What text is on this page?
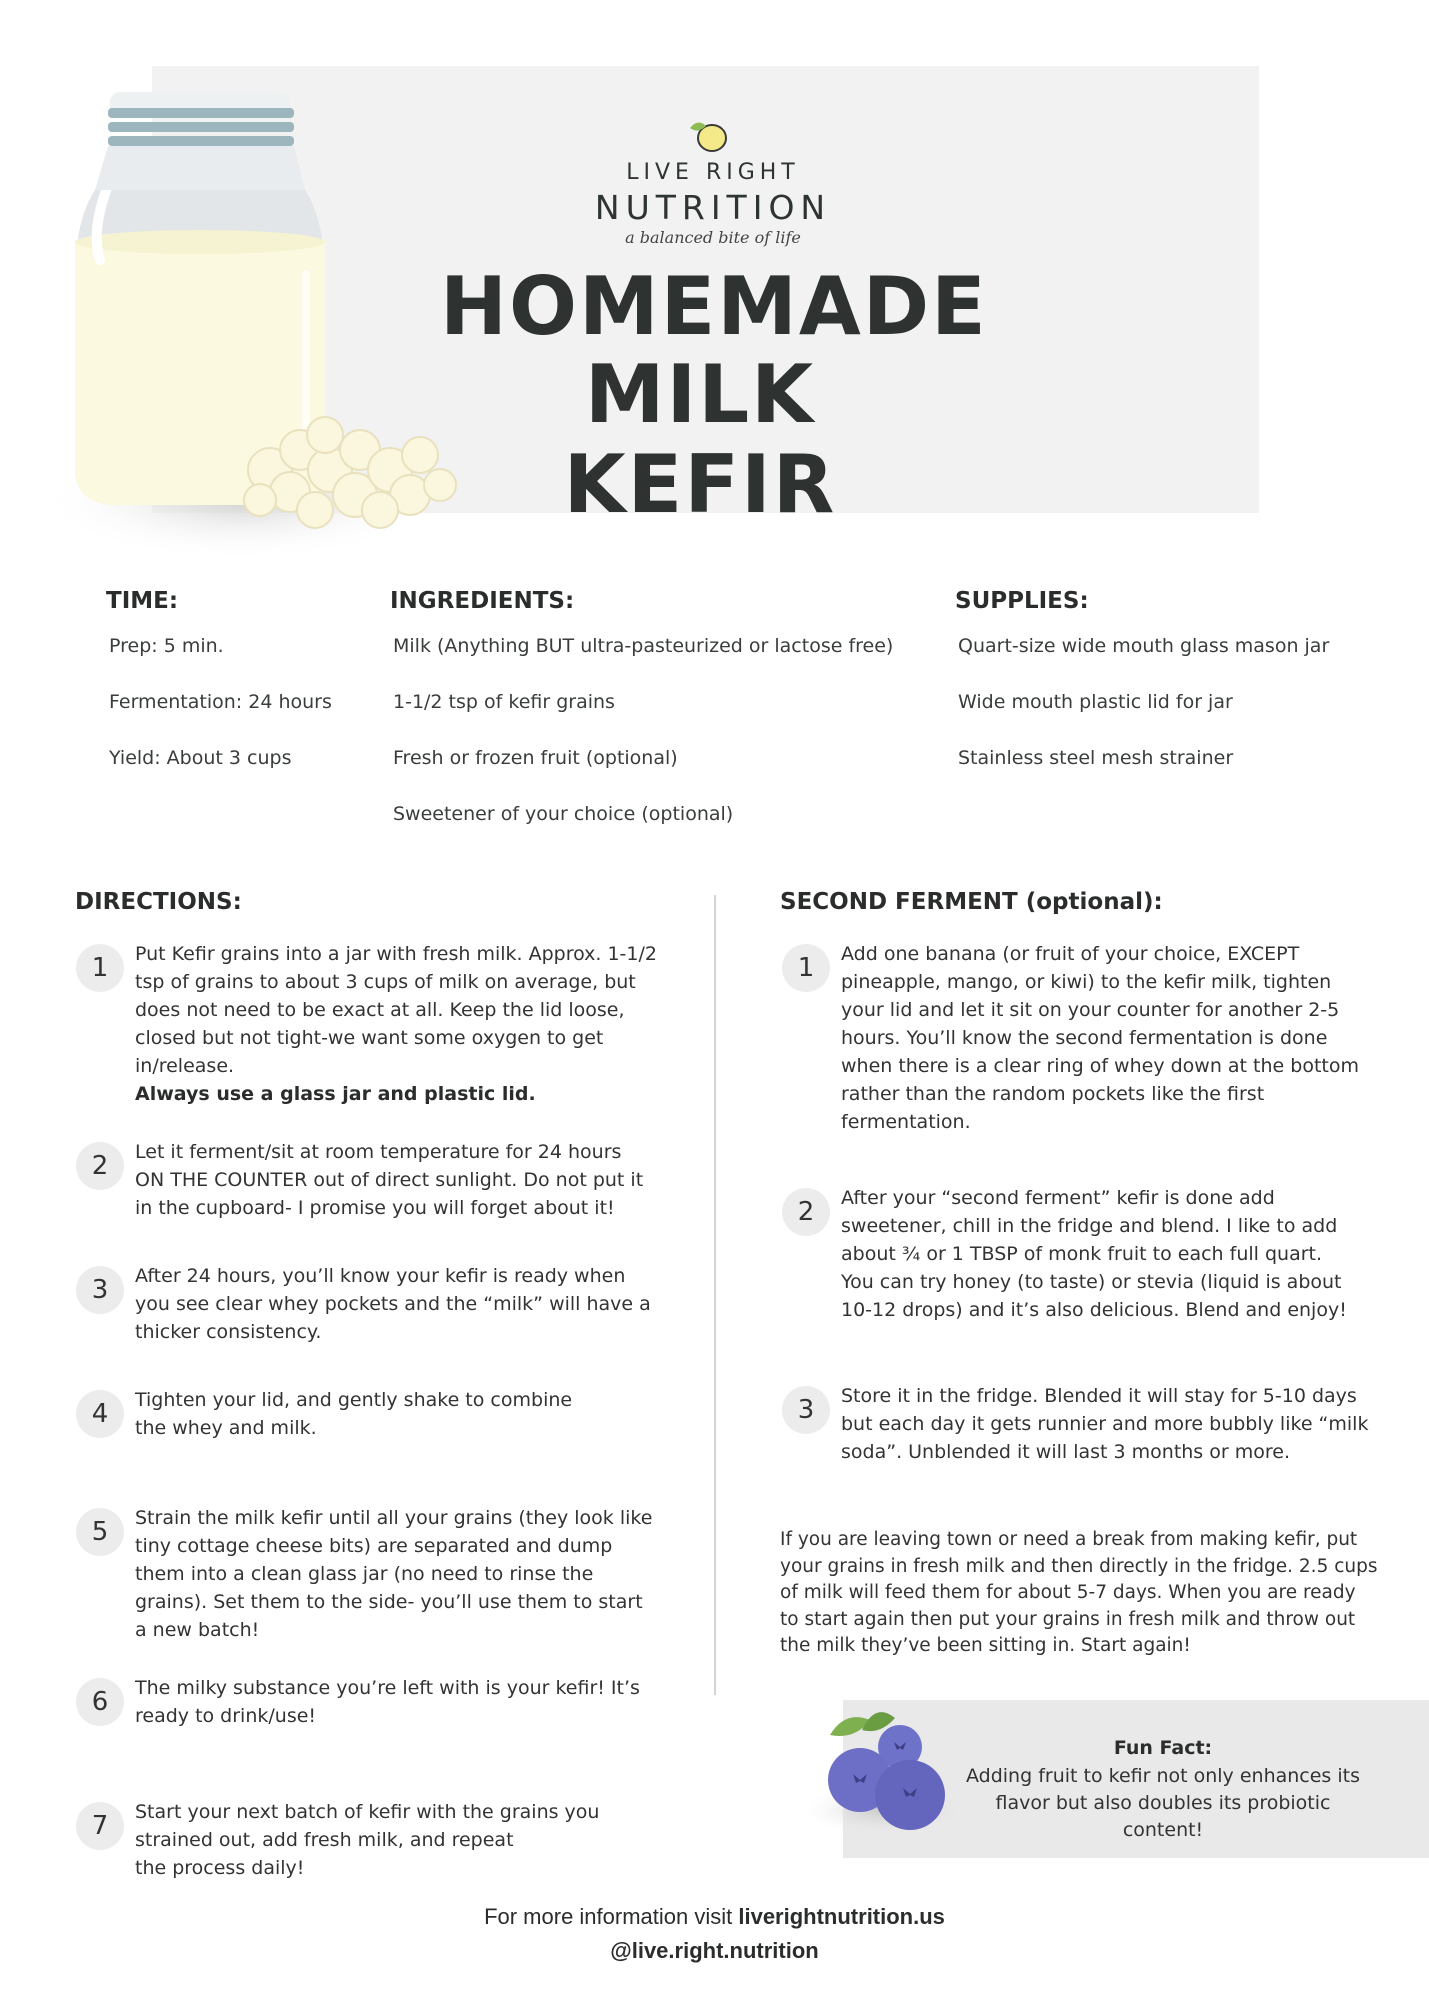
LIVE RIGHT
NUTRITION
a balanced bite of life
HOMEMADE
MILK KEFIR
TIME:
Prep: 5 min.
Fermentation: 24 hours
Yield: About 3 cups
INGREDIENTS:
Milk (Anything BUT ultra-pasteurized or lactose free)
1-1/2 tsp of kefir grains
Fresh or frozen fruit (optional)
Sweetener of your choice (optional)
SUPPLIES:
Quart-size wide mouth glass mason jar
Wide mouth plastic lid for jar
Stainless steel mesh strainer
DIRECTIONS:
1	Put Kefir grains into a jar with fresh milk. Approx. 1-1/2
tsp of grains to about 3 cups of milk on average, but
does not need to be exact at all. Keep the lid loose,
closed but not tight-we want some oxygen to get
in/release.
Always use a glass jar and plastic lid.
2	Let it ferment/sit at room temperature for 24 hours
ON THE COUNTER out of direct sunlight. Do not put it
in the cupboard- I promise you will forget about it!
3	After 24 hours, you’ll know your kefir is ready when
you see clear whey pockets and the “milk” will have a
thicker consistency.
4	Tighten your lid, and gently shake to combine
the whey and milk.
5	Strain the milk kefir until all your grains (they look like
tiny cottage cheese bits) are separated and dump
them into a clean glass jar (no need to rinse the
grains). Set them to the side- you’ll use them to start
a new batch!
6	The milky substance you’re left with is your kefir! It’s
ready to drink/use!
7	Start your next batch of kefir with the grains you
strained out, add fresh milk, and repeat
the process daily!
SECOND FERMENT (optional):
1	Add one banana (or fruit of your choice, EXCEPT
pineapple, mango, or kiwi) to the kefir milk, tighten
your lid and let it sit on your counter for another 2-5
hours. You’ll know the second fermentation is done
when there is a clear ring of whey down at the bottom
rather than the random pockets like the first
fermentation.
2	After your “second ferment” kefir is done add
sweetener, chill in the fridge and blend. I like to add
about ¾ or 1 TBSP of monk fruit to each full quart.
You can try honey (to taste) or stevia (liquid is about
10-12 drops) and it’s also delicious. Blend and enjoy!
3	Store it in the fridge. Blended it will stay for 5-10 days
but each day it gets runnier and more bubbly like “milk
soda”. Unblended it will last 3 months or more.
If you are leaving town or need a break from making kefir, put
your grains in fresh milk and then directly in the fridge. 2.5 cups
of milk will feed them for about 5-7 days. When you are ready
to start again then put your grains in fresh milk and throw out
the milk they’ve been sitting in. Start again!
Fun Fact:
Adding fruit to kefir not only enhances its
flavor but also doubles its probiotic content!
For more information visit liverightnutrition.us
@live.right.nutrition
